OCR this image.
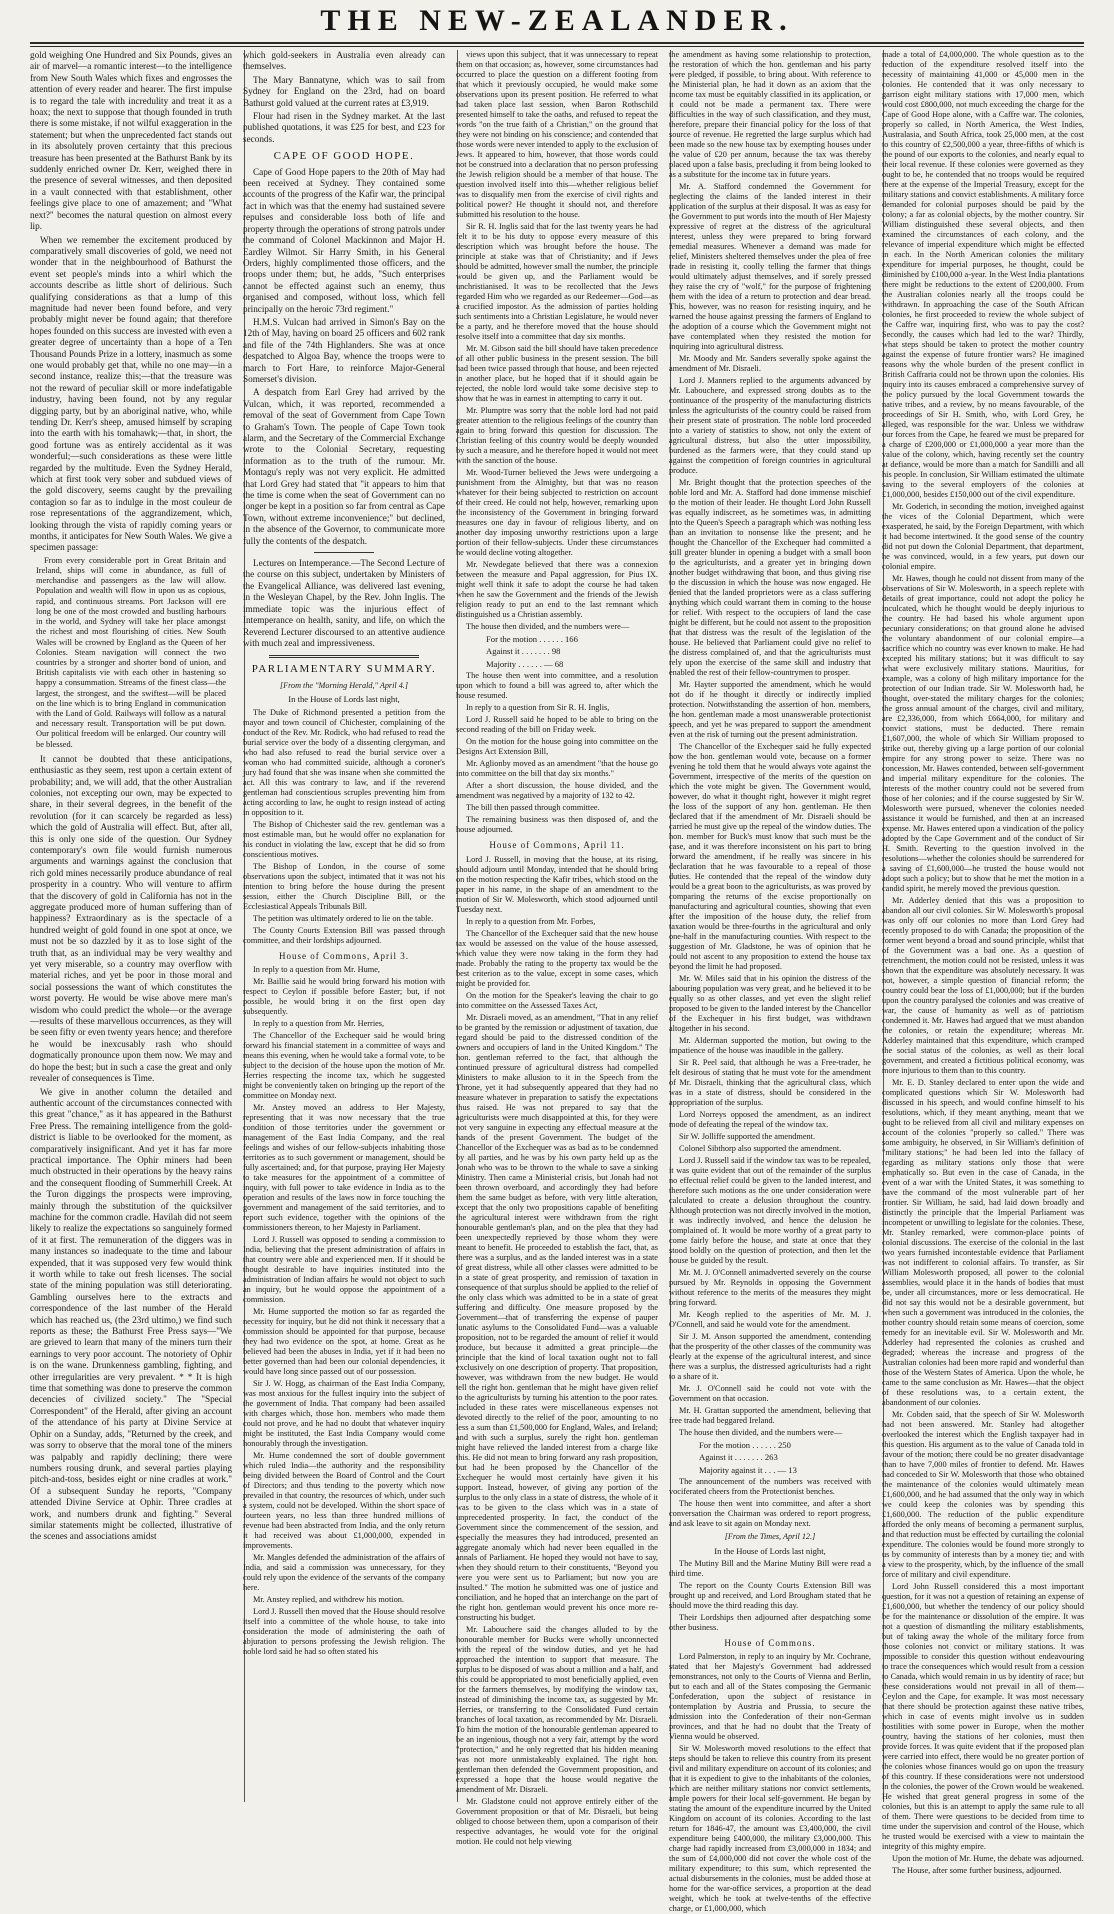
THE NEW-ZEALANDER.

gold weighing One Hundred and Six Pounds, gives an air of marvel—a romantic interest—to the intelligence from New South Wales which fixes and engrosses the attention of every reader and hearer. The first impulse is to regard the tale with incredulity and treat it as a hoax; the next to suppose that though founded in truth there is some mistake, if not wilful exaggeration in the statement; but when the unprecedented fact stands out in its absolutely proven certainty that this precious treasure has been presented at the Bathurst Bank by its suddenly enriched owner Dr. Kerr, weighed there in the presence of several witnesses, and then deposited in a vault connected with that establishment, other feelings give place to one of amazement; and "What next?" becomes the natural question on almost every lip.

When we remember the excitement produced by comparatively small discoveries of gold, we need not wonder that in the neighbourhood of Bathurst the event set people's minds into a whirl which the accounts describe as little short of delirious. Such qualifying considerations as that a lump of this magnitude had never been found before, and very probably might never be found again; that therefore hopes founded on this success are invested with even a greater degree of uncertainty than a hope of a Ten Thousand Pounds Prize in a lottery, inasmuch as some one would probably get that, while no one may—in a second instance, realize this;—that the treasure was not the reward of peculiar skill or more indefatigable industry, having been found, not by any regular digging party, but by an aboriginal native, who, while tending Dr. Kerr's sheep, amused himself by scraping into the earth with his tomahawk;—that, in short, the good fortune was as entirely accidental as it was wonderful;—such considerations as these were little regarded by the multitude. Even the Sydney Herald, which at first took very sober and subdued views of the gold discovery, seems caught by the prevailing contagion so far as to indulge in the most couleur de rose representations of the aggrandizement, which, looking through the vista of rapidly coming years or months, it anticipates for New South Wales. We give a specimen passage:

From every considerable port in Great Britain and Ireland, ships will come in abundance, as full of merchandise and passengers as the law will allow. Population and wealth will flow in upon us as copious, rapid, and continuous streams. Port Jackson will ere long be one of the most crowded and bustling harbours in the world, and Sydney will take her place amongst the richest and most flourishing of cities. New South Wales will be crowned by England as the Queen of her Colonies. Steam navigation will connect the two countries by a stronger and shorter bond of union, and British capitalists vie with each other in hastening so happy a consummation. Streams of the finest class—the largest, the strongest, and the swiftest—will be placed on the line which is to bring England in communication with the Land of Gold. Railways will follow as a natural and necessary result. Transportation will be put down. Our political freedom will be enlarged. Our country will be blessed.

It cannot be doubted that these anticipations, enthusiastic as they seem, rest upon a certain extent of probability; and, we will add, that the other Australian colonies, not excepting our own, may be expected to share, in their several degrees, in the benefit of the revolution (for it can scarcely be regarded as less) which the gold of Australia will effect. But, after all, this is only one side of the question. Our Sydney contemporary's own file would furnish numerous arguments and warnings against the conclusion that rich gold mines necessarily produce abundance of real prosperity in a country. Who will venture to affirm that the discovery of gold in California has not in the aggregate produced more of human suffering than of happiness? Extraordinary as is the spectacle of a hundred weight of gold found in one spot at once, we must not be so dazzled by it as to lose sight of the truth that, as an individual may be very wealthy and yet very miserable, so a country may overflow with material riches, and yet be poor in those moral and social possessions the want of which constitutes the worst poverty. He would be wise above mere man's wisdom who could predict the whole—or the average—results of these marvellous occurrences, as they will be seen fifty or even twenty years hence; and therefore he would be inexcusably rash who should dogmatically pronounce upon them now. We may and do hope the best; but in such a case the great and only revealer of consequences is Time.

We give in another column the detailed and authentic account of the circumstances connected with this great "chance," as it has appeared in the Bathurst Free Press. The remaining intelligence from the gold-district is liable to be overlooked for the moment, as comparatively insignificant. And yet it has far more practical importance. The Ophir miners had been much obstructed in their operations by the heavy rains and the consequent flooding of Summerhill Creek. At the Turon diggings the prospects were improving, mainly through the substitution of the quicksilver machine for the common cradle. Havilah did not seem likely to realize the expectations so sanguinely formed of it at first. The remuneration of the diggers was in many instances so inadequate to the time and labour expended, that it was supposed very few would think it worth while to take out fresh licenses. The social state of the mining population was still deteriorating. Gambling ourselves here to the extracts and correspondence of the last number of the Herald which has reached us, (the 23rd ultimo,) we find such reports as these; the Bathurst Free Press says—"We are grieved to learn that many of the miners turn their earnings to very poor account. The notoriety of Ophir is on the wane. Drunkenness gambling, fighting, and other irregularities are very prevalent. * * It is high time that something was done to preserve the common decencies of civilized society." The "Special Correspondent" of the Herald, after giving an account of the attendance of his party at Divine Service at Ophir on a Sunday, adds, "Returned by the creek, and was sorry to observe that the moral tone of the miners was palpably and rapidly declining; there were numbers rousing drunk, and several parties playing pitch-and-toss, besides eight or nine cradles at work." Of a subsequent Sunday he reports, "Company attended Divine Service at Ophir. Three cradles at work, and numbers drunk and fighting." Several similar statements might be collected, illustrative of the scenes and associations amidst

which gold-seekers in Australia even already can themselves.

The Mary Bannatyne, which was to sail from Sydney for England on the 23rd, had on board Bathurst gold valued at the current rates at £3,919.

Flour had risen in the Sydney market. At the last published quotations, it was £25 for best, and £23 for seconds.

CAPE OF GOOD HOPE.

Cape of Good Hope papers to the 20th of May had been received at Sydney. They contained some accounts of the progress of the Kafir war, the principal fact in which was that the enemy had sustained severe repulses and considerable loss both of life and property through the operations of strong patrols under the command of Colonel Mackinnon and Major H. Eardley Wilmot. Sir Harry Smith, in his General Orders, highly complimented those officers, and the troops under them; but, he adds, "Such enterprises cannot be effected against such an enemy, thus organised and composed, without loss, which fell principally on the heroic 73rd regiment."

H.M.S. Vulcan had arrived in Simon's Bay on the 12th of May, having on board 25 officers and 602 rank and file of the 74th Highlanders. She was at once despatched to Algoa Bay, whence the troops were to march to Fort Hare, to reinforce Major-General Somerset's division.

A despatch from Earl Grey had arrived by the Vulcan, which, it was reported, recommended a removal of the seat of Government from Cape Town to Graham's Town. The people of Cape Town took alarm, and the Secretary of the Commercial Exchange wrote to the Colonial Secretary, requesting information as to the truth of the rumour. Mr. Montagu's reply was not very explicit. He admitted that Lord Grey had stated that "it appears to him that the time is come when the seat of Government can no longer be kept in a position so far from central as Cape Town, without extreme inconvenience;" but declined, in the absence of the Governor, to communicate more fully the contents of the despatch.

Lectures on Intemperance.—The Second Lecture of the course on this subject, undertaken by Ministers of the Evangelical Alliance, was delivered last evening, in the Wesleyan Chapel, by the Rev. John Inglis. The immediate topic was the injurious effect of Intemperance on health, sanity, and life, on which the Reverend Lecturer discoursed to an attentive audience with much zeal and impressiveness.

PARLIAMENTARY SUMMARY.
[From the "Morning Herald," April 4.]
In the House of Lords last night,

The Duke of Richmond presented a petition from the mayor and town council of Chichester, complaining of the conduct of the Rev. Mr. Rodick, who had refused to read the burial service over the body of a dissenting clergyman, and who had also refused to read the burial service over a woman who had committed suicide, although a coroner's jury had found that she was insane when she committed the act. All this was contrary to law, and if the reverend gentleman had conscientious scruples preventing him from acting according to law, he ought to resign instead of acting in opposition to it.

The Bishop of Chichester said the rev. gentleman was a most estimable man, but he would offer no explanation for his conduct in violating the law, except that he did so from conscientious motives.

The Bishop of London, in the course of some observations upon the subject, intimated that it was not his intention to bring before the house during the present session, either the Church Discipline Bill, or the Ecclesiastical Appeals Tribunals Bill.

The petition was ultimately ordered to lie on the table.

The County Courts Extension Bill was passed through committee, and their lordships adjourned.

House of Commons, April 3.

In reply to a question from Mr. Hume,

Mr. Baillie said he would bring forward his motion with respect to Ceylon if possible before Easter; but, if not possible, he would bring it on the first open day subsequently.

In reply to a question from Mr. Herries,

The Chancellor of the Exchequer said he would bring forward his financial statement in a committee of ways and means this evening, when he would take a formal vote, to be subject to the decision of the house upon the motion of Mr. Herries respecting the income tax, which he suggested might be conveniently taken on bringing up the report of the committee on Monday next.

Mr. Anstey moved an address to Her Majesty, representing that it was now necessary that the true condition of those territories under the government or management of the East India Company, and the real feelings and wishes of our fellow-subjects inhabiting those territories as to such government or management, should be fully ascertained; and, for that purpose, praying Her Majesty to take measures for the appointment of a committee of inquiry, with full power to take evidence in India as to the operation and results of the laws now in force touching the government and management of the said territories, and to report such evidence, together with the opinions of the commissioners thereon, to her Majesty in Parliament.

Lord J. Russell was opposed to sending a commission to India, believing that the present administration of affairs in that country were able and experienced men. If it should be thought desirable to have inquiries instituted into the administration of Indian affairs he would not object to such an inquiry, but he would oppose the appointment of a commission.

Mr. Hume supported the motion so far as regarded the necessity for inquiry, but he did not think it necessary that a commission should be appointed for that purpose, because they had two evidence on the spot, at home. Great as he believed had been the abuses in India, yet if it had been no better governed than had been our colonial dependencies, it would have long since passed out of our possession.

Sir J. W. Hogg, as chairman of the East India Company, was most anxious for the fullest inquiry into the subject of the government of India. That company had been assailed with charges which, those hon. members who made them could not prove, and he had no doubt that whatever inquiry might be instituted, the East India Company would come honourably through the investigation.

Mr. Hume condemned the sort of double government which ruled India—the authority and the responsibility being divided between the Board of Control and the Court of Directors; and thus tending to the poverty which now prevailed in that country, the resources of which, under such a system, could not be developed. Within the short space of fourteen years, no less than three hundred millions of revenue had been abstracted from India, and the only return it had received was about £1,000,000, expended in improvements.

Mr. Mangles defended the administration of the affairs of India, and said a commission was unnecessary, for they could rely upon the evidence of the servants of the company here.

Mr. Anstey replied, and withdrew his motion.

Lord J. Russell then moved that the House should resolve itself into a committee of the whole house, to take into consideration the mode of administering the oath of abjuration to persons professing the Jewish religion. The noble lord said he had so often stated his

views upon this subject, that it was unnecessary to repeat them on that occasion; as, however, some circumstances had occurred to place the question on a different footing from that which it previously occupied, he would make some observations upon its present position. He referred to what had taken place last session, when Baron Rothschild presented himself to take the oaths, and refused to repeat the words "on the true faith of a Christian," on the ground that they were not binding on his conscience; and contended that those words were never intended to apply to the exclusion of Jews. It appeared to him, however, that those words could not be construed into a declaration that no person professing the Jewish religion should be a member of that house. The question involved itself into this—whether religious belief was to disqualify men from the exercise of civil rights and political power? He thought it should not, and therefore submitted his resolution to the house.

Sir R. H. Inglis said that for the last twenty years he had felt it to be his duty to oppose every measure of this description which was brought before the house. The principle at stake was that of Christianity; and if Jews should be admitted, however small the number, the principle would be given up, and the Parliament would be unchristianised. It was to be recollected that the Jews regarded Him who we regarded as our Redeemer—God—as a crucified impostor. As the admission of parties holding such sentiments into a Christian Legislature, he would never be a party, and he therefore moved that the house should resolve itself into a committee that day six months.

Mr. M. Gibson said the bill should have taken precedence of all other public business in the present session. The bill had been twice passed through that house, and been rejected in another place, but he hoped that if it should again be rejected, the noble lord would take some decisive step to show that he was in earnest in attempting to carry it out.

Mr. Plumptre was sorry that the noble lord had not paid greater attention to the religious feelings of the country than again to bring forward this question for discussion. The Christian feeling of this country would be deeply wounded by such a measure, and he therefore hoped it would not meet with the sanction of the house.

Mr. Wood-Turner believed the Jews were undergoing a punishment from the Almighty, but that was no reason whatever for their being subjected to restriction on account of their creed. He could not help, however, remarking upon the inconsistency of the Government in bringing forward measures one day in favour of religious liberty, and on another day imposing unworthy restrictions upon a large portion of their fellow-subjects. Under these circumstances he would decline voting altogether.

Mr. Newdegate believed that there was a connexion between the measure and Papal aggression, for Pius IX. might well think it safe to adopt the course he had taken when he saw the Government and the friends of the Jewish religion ready to put an end to the last remnant which distinguished us a Christian assembly.

The house then divided, and the numbers were—

For the motion . . . . . . 166
Against it . . . . . . . 98
Majority . . . . . . — 68

The house then went into committee, and a resolution upon which to found a bill was agreed to, after which the house resumed.

In reply to a question from Sir R. H. Inglis,

Lord J. Russell said he hoped to be able to bring on the second reading of the bill on Friday week.

On the motion for the house going into committee on the Designs Act Extension Bill,

Mr. Aglionby moved as an amendment "that the house go into committee on the bill that day six months."

After a short discussion, the house divided, and the amendment was negatived by a majority of 132 to 42.

The bill then passed through committee.

The remaining business was then disposed of, and the house adjourned.

House of Commons, April 11.

Lord J. Russell, in moving that the house, at its rising, should adjourn until Monday, intended that he should bring on the motion respecting the Kafir tribes, which stood on the paper in his name, in the shape of an amendment to the motion of Sir W. Molesworth, which stood adjourned until Tuesday next.

In reply to a question from Mr. Forbes,

The Chancellor of the Exchequer said that the new house tax would be assessed on the value of the house assessed, which value they were now taking in the form they had made. Probably the rating to the property tax would be the best criterion as to the value, except in some cases, which might be provided for.

On the motion for the Speaker's leaving the chair to go into committee on the Assessed Taxes Act,

Mr. Disraeli moved, as an amendment, "That in any relief to be granted by the remission or adjustment of taxation, due regard should be paid to the distressed condition of the owners and occupiers of land in the United Kingdom." The hon. gentleman referred to the fact, that although the continued pressure of agricultural distress had compelled Ministers to make allusion to it in the Speech from the Throne, yet it had subsequently appeared that they had no measure whatever in preparation to satisfy the expectations thus raised. He was not prepared to say that the agriculturists were much disappointed at this, for they were not very sanguine in expecting any effectual measure at the hands of the present Government. The budget of the Chancellor of the Exchequer was as bad as to be condemned by all parties, and he was by his own party held up as the Jonah who was to be thrown to the whale to save a sinking Ministry. Then came a Ministerial crisis, but Jonah had not been thrown overboard, and accordingly they had before them the same budget as before, with very little alteration, except that the only two propositions capable of benefiting the agricultural interest were withdrawn from the right honourable gentleman's plan, and on the plea that they had been unexpectedly reprieved by those whom they were meant to benefit. He proceeded to establish the fact, that, as there was a surplus, and as the landed interest was in a state of great distress, while all other classes were admitted to be in a state of great prosperity, and remission of taxation in consequence of that surplus should be applied to the relief of the only class which was admitted to be in a state of great suffering and difficulty. One measure proposed by the Government—that of transferring the expense of pauper lunatic asylums to the Consolidated Fund—was a valuable proposition, not to be regarded the amount of relief it would produce, but because it admitted a great principle—the principle that the kind of local taxation ought not to fall exclusively on one description of property. That proposition, however, was withdrawn from the new budget. He would tell the right hon. gentleman that he might have given relief to the agriculturists by turning his attention to the poor rates. Included in these rates were miscellaneous expenses not devoted directly to the relief of the poor, amounting to no less a sum than £1,500,000 for England, Wales, and Ireland; and with such a surplus, surely the right hon. gentleman might have relieved the landed interest from a charge like this. He did not mean to bring forward any rash proposition, but had he been proposed by the Chancellor of the Exchequer he would most certainly have given it his support. Instead, however, of giving any portion of the surplus to the only class in a state of distress, the whole of it was to be given to the class which was in a state of unprecedented prosperity. In fact, the conduct of the Government since the commencement of the session, and especially the measures they had introduced, presented an aggregate anomaly which had never been equalled in the annals of Parliament. He hoped they would not have to say, when they should return to their constituents, "Beyond you were you were sent us to Parliament; but now you are insulted." The motion he submitted was one of justice and conciliation, and he hoped that an interchange on the part of the right hon. gentleman would prevent his once more re-constructing his budget.

Mr. Labouchere said the changes alluded to by the honourable member for Bucks were wholly unconnected with the repeal of the window duties, and yet he had approached the intention to support that measure. The surplus to be disposed of was about a million and a half, and this could be appropriated to most beneficially applied, even for the farmers themselves, by modifying the window tax, instead of diminishing the income tax, as suggested by Mr. Herries, or transferring to the Consolidated Fund certain branches of local taxation, as recommended by Mr. Disraeli. To him the motion of the honourable gentleman appeared to be an ingenious, though not a very fair, attempt by the word "protection," and he only regretted that his hidden meaning was not more unmistakeably explained. The right hon. gentleman then defended the Government proposition, and expressed a hope that the house would negative the amendment of Mr. Disraeli.

Mr. Gladstone could not approve entirely either of the Government proposition or that of Mr. Disraeli, but being obliged to choose between them, upon a comparison of their respective advantages, he would vote for the original motion. He could not help viewing

the amendment as having some relationship to protection, the restoration of which the hon. gentleman and his party were pledged, if possible, to bring about. With reference to the Ministerial plan, he had it down as an axiom that the income tax must be equitably classified in its application, or it could not be made a permanent tax. There were difficulties in the way of such classification, and they must, therefore, prepare their financial policy for the loss of that source of revenue. He regretted the large surplus which had been made so the new house tax by exempting houses under the value of £20 per annum, because the tax was thereby placed upon a false basis, precluding it from being looked to as a substitute for the income tax in future years.

Mr. A. Stafford condemned the Government for neglecting the claims of the landed interest in their application of the surplus at their disposal. It was as easy for the Government to put words into the mouth of Her Majesty expressive of regret at the distress of the agricultural interest, unless they were prepared to bring forward remedial measures. Whenever a demand was made for relief, Ministers sheltered themselves under the plea of free trade in resisting it, coolly telling the farmer that things would ultimately adjust themselves, and if sorely pressed they raise the cry of "wolf," for the purpose of frightening them with the idea of a return to protection and dear bread. This, however, was no reason for resisting inquiry, and he warned the house against pressing the farmers of England to the adoption of a course which the Government might not have contemplated when they resisted the motion for inquiring into agricultural distress.

Mr. Moody and Mr. Sanders severally spoke against the amendment of Mr. Disraeli.

Lord J. Manners replied to the arguments advanced by Mr. Labouchere, and expressed strong doubts as to the continuance of the prosperity of the manufacturing districts unless the agriculturists of the country could be raised from their present state of prostration. The noble lord proceeded into a variety of statistics to show, not only the extent of agricultural distress, but also the utter impossibility, burdened as the farmers were, that they could stand up against the competition of foreign countries in agricultural produce.

Mr. Bright thought that the protection speeches of the noble lord and Mr. A. Stafford had done immense mischief to the motion of their leader. He thought Lord John Russell was equally indiscreet, as he sometimes was, in admitting into the Queen's Speech a paragraph which was nothing less than an invitation to nonsense like the present; and he thought the Chancellor of the Exchequer had committed a still greater blunder in opening a budget with a small boon to the agriculturists, and a greater yet in bringing down another budget withdrawing that boon, and thus giving rise to the discussion in which the house was now engaged. He denied that the landed proprietors were as a class suffering anything which could warrant them in coming to the house for relief. With respect to the occupiers of land the case might be different, but he could not assent to the proposition that that distress was the result of the legislation of the house. He believed that Parliament could give no relief to the distress complained of, and that the agriculturists must rely upon the exercise of the same skill and industry that enabled the rest of their fellow-countrymen to prosper.

Mr. Hayter supported the amendment, which he would not do if he thought it directly or indirectly implied protection. Notwithstanding the assertion of hon. members, the hon. gentleman made a most unanswerable protectionist speech, and yet he was prepared to support the amendment even at the risk of turning out the present administration.

The Chancellor of the Exchequer said he fully expected how the hon. gentleman would vote, because on a former evening he told them that he would always vote against the Government, irrespective of the merits of the question on which the vote might be given. The Government would, however, do what it thought right, however it might regret the loss of the support of any hon. gentleman. He then declared that if the amendment of Mr. Disraeli should be carried he must give up the repeal of the window duties. The hon. member for Buck's must know that such must be the case, and it was therefore inconsistent on his part to bring forward the amendment, if he really was sincere in his declaration that he was favourable to a repeal of those duties. He contended that the repeal of the window duty would be a great boon to the agriculturists, as was proved by comparing the returns of the excise proportionally on manufacturing and agricultural counties, showing that even after the imposition of the house duty, the relief from taxation would be three-fourths in the agricultural and only one-half in the manufacturing counties. With respect to the suggestion of Mr. Gladstone, he was of opinion that he could not ascent to any proposition to extend the house tax beyond the limit he had proposed.

Mr. W. Miles said that in his opinion the distress of the labouring population was very great, and he believed it to be equally so as other classes, and yet even the slight relief proposed to be given to the landed interest by the Chancellor of the Exchequer in his first budget, was withdrawn altogether in his second.

Mr. Alderman supported the motion, but owing to the impatience of the house was inaudible in the gallery.

Sir R. Peel said, that although he was a Free-trader, he felt desirous of stating that he must vote for the amendment of Mr. Disraeli, thinking that the agricultural class, which was in a state of distress, should be considered in the appropriation of the surplus.

Lord Norreys opposed the amendment, as an indirect mode of defeating the repeal of the window tax.

Sir W. Jolliffe supported the amendment.

Colonel Sibthorp also supported the amendment.

Lord J. Russell said if the window tax was to be repealed, it was quite evident that out of the remainder of the surplus no effectual relief could be given to the landed interest, and therefore such motions as the one under consideration were calculated to create a delusion throughout the country. Although protection was not directly involved in the motion, it was indirectly involved, and hence the delusion he complained of. It would be more worthy of a great party to come fairly before the house, and state at once that they stood boldly on the question of protection, and then let the house be guided by the result.

Mr. M. J. O'Connell animadverted severely on the course pursued by Mr. Reynolds in opposing the Government without reference to the merits of the measures they might bring forward.

Mr. Keogh replied to the asperities of Mr. M. J. O'Connell, and said he would vote for the amendment.

Sir J. M. Anson supported the amendment, contending that the prosperity of the other classes of the community was clearly at the expense of the agricultural interest, and since there was a surplus, the distressed agriculturists had a right to a share of it.

Mr. J. O'Connell said he could not vote with the Government on that occasion.

Mr. H. Grattan supported the amendment, believing that free trade had beggared Ireland.

The house then divided, and the numbers were—

For the motion . . . . . . 250
Against it . . . . . . . 263
Majority against it . . . — 13

The announcement of the numbers was received with vociferated cheers from the Protectionist benches.

The house then went into committee, and after a short conversation the Chairman was ordered to report progress, and ask leave to sit again on Monday next.

[From the Times, April 12.]
In the House of Lords last night,

The Mutiny Bill and the Marine Mutiny Bill were read a third time.

The report on the County Courts Extension Bill was brought up and received, and Lord Brougham stated that he should move the third reading this day.

Their Lordships then adjourned after despatching some other business.

House of Commons.

Lord Palmerston, in reply to an inquiry by Mr. Cochrane, stated that her Majesty's Government had addressed remonstrances, not only to the Courts of Vienna and Berlin, but to each and all of the States composing the Germanic Confederation, upon the subject of resistance in contemplation by Austria and Prussia, to secure the admission into the Confederation of their non-German provinces, and that he had no doubt that the Treaty of Vienna would be observed.

Sir W. Molesworth moved resolutions to the effect that steps should be taken to relieve this country from its present civil and military expenditure on account of its colonies; and that it is expedient to give to the inhabitants of the colonies, which are neither military stations nor convict settlements, ample powers for their local self-government. He began by stating the amount of the expenditure incurred by the United Kingdom on account of its colonies. According to the last return for 1846-47, the amount was £3,400,000, the civil expenditure being £400,000, the military £3,000,000. This charge had rapidly increased from £3,000,000 in 1834; and the sum of £4,000,000 did not cover the whole cost of the military expenditure; to this sum, which represented the actual disbursements in the colonies, must be added those at home for the war-office services, a proportion at the dead weight, which he took at twelve-tenths of the effective charge, or £1,000,000, which

made a total of £4,000,000. The whole question as to the reduction of the expenditure resolved itself into the necessity of maintaining 41,000 or 45,000 men in the colonies. He contended that it was only necessary to garrison eight military stations with 17,000 men, which would cost £800,000, not much exceeding the charge for the Cape of Good Hope alone, with a Caffre war. The colonies, properly so called, in North America, the West Indies, Australasia, and South Africa, took 25,000 men, at the cost to this country of £2,500,000 a year, three-fifths of which is the pound of our exports to the colonies, and nearly equal to their local revenue. If these colonies were governed as they ought to be, he contended that no troops would be required there at the expense of the Imperial Treasury, except for the military stations and convict establishments. A military force demanded for colonial purposes should be paid by the colony; a far as colonial objects, by the mother country. Sir William distinguished these several objects, and then examined the circumstances of each colony, and the relevance of imperial expenditure which might be effected in each. In the North American colonies the military expenditure for imperial purposes, he thought, could be diminished by £100,000 a-year. In the West India plantations there might be reductions to the extent of £200,000. From the Australian colonies nearly all the troops could be withdrawn. In approaching the case of the South African colonies, he first proceeded to review the whole subject of the Caffre war, inquiring first, who was to pay the cost? Secondly, the causes which had led to the war? Thirdly, what steps should be taken to protect the mother country against the expense of future frontier wars? He imagined reasons why the whole burden of the present conflict in British Caffraria could not be thrown upon the colonies. His inquiry into its causes embraced a comprehensive survey of the policy pursued by the local Government towards the native tribes, and a review, by no means favourable, of the proceedings of Sir H. Smith, who, with Lord Grey, he alleged, was responsible for the war. Unless we withdraw our forces from the Cape, he feared we must be prepared for a charge of £200,000 or £1,000,000 a year more than the value of the colony, which, having recently set the country at defiance, would be more than a match for Sandilli and all his people. In conclusion, Sir William estimated the ultimate saving to the several employers of the colonies at £1,000,000, besides £150,000 out of the civil expenditure.

Mr. Goderich, in seconding the motion, inveighed against the vices of the Colonial Department, which were exasperated, he said, by the Foreign Department, with which it had become intertwined. It the good sense of the country did not put down the Colonial Department, that department, he was convinced, would, in a few years, put down our colonial empire.

Mr. Hawes, though he could not dissent from many of the observations of Sir W. Molesworth, in a speech replete with details of great importance, could not adopt the policy he inculcated, which he thought would be deeply injurious to the country. He had based his whole argument upon pecuniary considerations; on that ground alone he advised the voluntary abandonment of our colonial empire—a sacrifice which no country was ever known to make. He had excepted his military stations; but it was difficult to say what were exclusively military stations. Mauritius, for example, was a colony of high military importance for the protection of our Indian trade. Sir W. Molesworth had, he thought, over-stated the military charges for the colonies; the gross annual amount of the charges, civil and military, are £2,336,000, from which £664,000, for military and convict stations, must be deducted. There remain £1,607,000, the whole of which Sir William proposed to strike out, thereby giving up a large portion of our colonial empire for any strong power to seize. There was no concession, Mr. Hawes contended, between self-government and imperial military expenditure for the colonies. The interests of the mother country could not be severed from those of her colonies; and if the course suggested by Sir W. Molesworth were pursued, whenever the colonies needed assistance it would be furnished, and then at an increased expense. Mr. Hawes entered upon a vindication of the policy adopted by the Cape Government and of the conduct of Sir H. Smith. Reverting to the question involved in the resolutions—whether the colonies should be surrendered for a saving of £1,600,000—he trusted the house would not adopt such a policy; but to show that he met the motion in a candid spirit, he merely moved the previous question.

Mr. Adderley denied that this was a proposition to abandon all our civil colonies. Sir W. Molesworth's proposal was only off our colonies no more than Lord Grey had recently proposed to do with Canada; the proposition of the former went beyond a broad and sound principle, whilst that of the Government was a bad one. As a question of retrenchment, the motion could not be resisted, unless it was shown that the expenditure was absolutely necessary. It was not, however, a simple question of financial reform; the country could bear the loss of £1,000,000; but if the burden upon the country paralysed the colonies and was creative of war, the cause of humanity as well as of patriotism condemned it. Mr. Hawes had argued that we must abandon the colonies, or retain the expenditure; whereas Mr. Adderley maintained that this expenditure, which cramped the social status of the colonies, as well as their local government, and created a fictitious political economy, was more injurious to them than to this country.

Mr. E. D. Stanley declared to enter upon the wide and complicated questions which Sir W. Molesworth had discussed in his speech, and would confine himself to his resolutions, which, if they meant anything, meant that we ought to be relieved from all civil and military expenses on account of the colonies "properly so called." There was some ambiguity, he observed, in Sir William's definition of "military stations;" he had been led into the fallacy of regarding as military stations only those that were emphatically so. But even in the case of Canada, in the event of a war with the United States, it was something to have the command of the most vulnerable part of her frontier. Sir William, he said, had laid down broadly and distinctly the principle that the Imperial Parliament was incompetent or unwilling to legislate for the colonies. These, Mr. Stanley remarked, were common-place points of colonial discussions. The exercise of the colonial in the last two years furnished incontestable evidence that Parliament was not indifferent to colonial affairs. To transfer, as Sir William Molesworth proposed, all power to the colonial assemblies, would place it in the hands of bodies that must be, under all circumstances, more or less democratical. He did not say this would not be a desirable government, but when such a government was introduced in the colonies, the mother country should retain some means of coercion, some remedy for an inevitable evil. Sir W. Molesworth and Mr. Adderley had represented the colonies as crushed and degraded; whereas the increase and progress of the Australian colonies had been more rapid and wonderful than those of the Western States of America. Upon the whole, he came to the same conclusion as Mr. Hawes—that the object of these resolutions was, to a certain extent, the abandonment of our colonies.

Mr. Cobden said, that the speech of Sir W. Molesworth had not been answered. Mr. Stanley had altogether overlooked the interest which the English taxpayer had in this question. His argument as to the value of Canada told in favour of the motion; there could be no greater disadvantage than to have 7,000 miles of frontier to defend. Mr. Hawes had conceded to Sir W. Molesworth that those who obtained the maintenance of the colonies would ultimately mean £1,600,000, and he had assumed that the only way in which we could keep the colonies was by spending this £1,600,000. The reduction of the public expenditure afforded the only means of becoming a permanent surplus, and that reduction must be effected by curtailing the colonial expenditure. The colonies would be found more strongly to us by community of interests than by a money tie; and with a view to the prosperity, which, by the influence of the small force of military and civil expenditure.

Lord John Russell considered this a most important question, for it was not a question of retaining an expense of £1,600,000, but whether the tendency of our policy should be for the maintenance or dissolution of the empire. It was not a question of dismantling the military establishments, but of taking away the whole of the military force from those colonies not convict or military stations. It was impossible to consider this question without endeavouring to trace the consequences which would result from a cession to Canada, which would remain in us by identity of race; but these considerations would not prevail in all of them—Ceylon and the Cape, for example. It was most necessary that there should be protection against these native tribes, which in case of events might involve us in sudden hostilities with some power in Europe, when the mother country, having the stations of her colonies, must then provide forces. It was quite evident that if the proposed plan were carried into effect, there would be no greater portion of the colonies whose finances would go on upon the treasury of this country. If these considerations were not understood in the colonies, the power of the Crown would be weakened. He wished that great general progress in some of the colonies, but this is an attempt to apply the same rule to all of them. There were questions to be decided from time to time under the supervision and control of the House, which he trusted would be exercised with a view to maintain the integrity of this mighty empire.

Upon the motion of Mr. Hume, the debate was adjourned.

The House, after some further business, adjourned.
